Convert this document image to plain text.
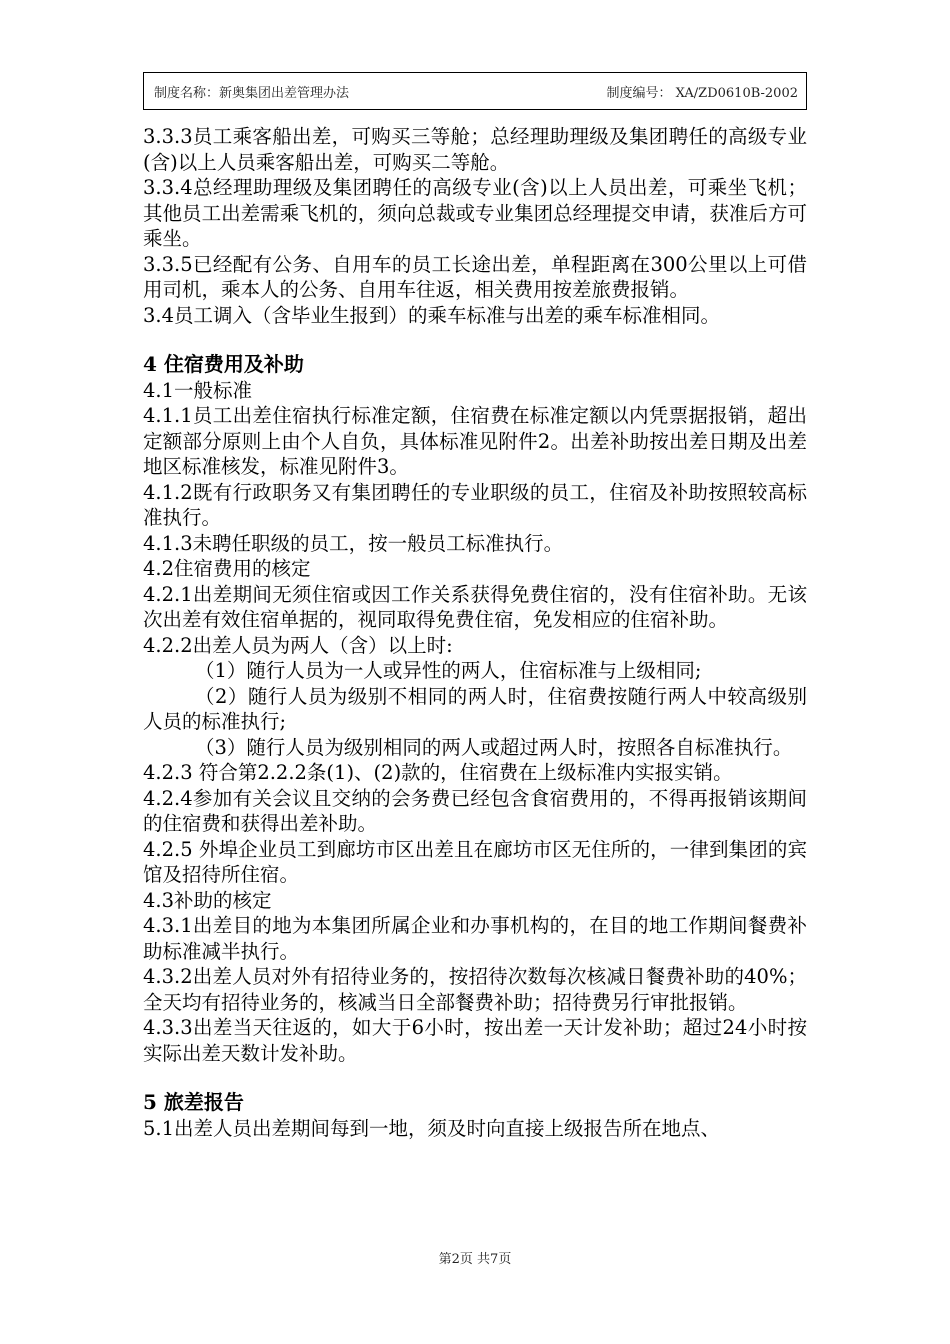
制度名称：新奥集团出差管理办法	制度编号： XA/ZD0610B-2002

3.3.3员工乘客船出差，可购买三等舱；总经理助理级及集团聘任的高级专业(含)以上人员乘客船出差，可购买二等舱。

3.3.4总经理助理级及集团聘任的高级专业(含)以上人员出差，可乘坐飞机；其他员工出差需乘飞机的，须向总裁或专业集团总经理提交申请，获准后方可乘坐。

3.3.5已经配有公务、自用车的员工长途出差，单程距离在300公里以上可借用司机，乘本人的公务、自用车往返，相关费用按差旅费报销。

3.4员工调入（含毕业生报到）的乘车标准与出差的乘车标准相同。

4 住宿费用及补助

4.1一般标准

4.1.1员工出差住宿执行标准定额，住宿费在标准定额以内凭票据报销，超出定额部分原则上由个人自负，具体标准见附件2。出差补助按出差日期及出差地区标准核发，标准见附件3。

4.1.2既有行政职务又有集团聘任的专业职级的员工，住宿及补助按照较高标准执行。

4.1.3未聘任职级的员工，按一般员工标准执行。

4.2住宿费用的核定

4.2.1出差期间无须住宿或因工作关系获得免费住宿的，没有住宿补助。无该次出差有效住宿单据的，视同取得免费住宿，免发相应的住宿补助。

4.2.2出差人员为两人（含）以上时:

（1）随行人员为一人或异性的两人，住宿标准与上级相同;

（2）随行人员为级别不相同的两人时，住宿费按随行两人中较高级别人员的标准执行;

（3）随行人员为级别相同的两人或超过两人时，按照各自标准执行。

4.2.3 符合第2.2.2条(1)、(2)款的，住宿费在上级标准内实报实销。

4.2.4参加有关会议且交纳的会务费已经包含食宿费用的，不得再报销该期间的住宿费和获得出差补助。

4.2.5 外埠企业员工到廊坊市区出差且在廊坊市区无住所的，一律到集团的宾馆及招待所住宿。

4.3补助的核定

4.3.1出差目的地为本集团所属企业和办事机构的，在目的地工作期间餐费补助标准减半执行。

4.3.2出差人员对外有招待业务的，按招待次数每次核减日餐费补助的40%；全天均有招待业务的，核减当日全部餐费补助；招待费另行审批报销。

4.3.3出差当天往返的，如大于6小时，按出差一天计发补助；超过24小时按实际出差天数计发补助。

5 旅差报告

5.1出差人员出差期间每到一地，须及时向直接上级报告所在地点、

第2页 共7页
